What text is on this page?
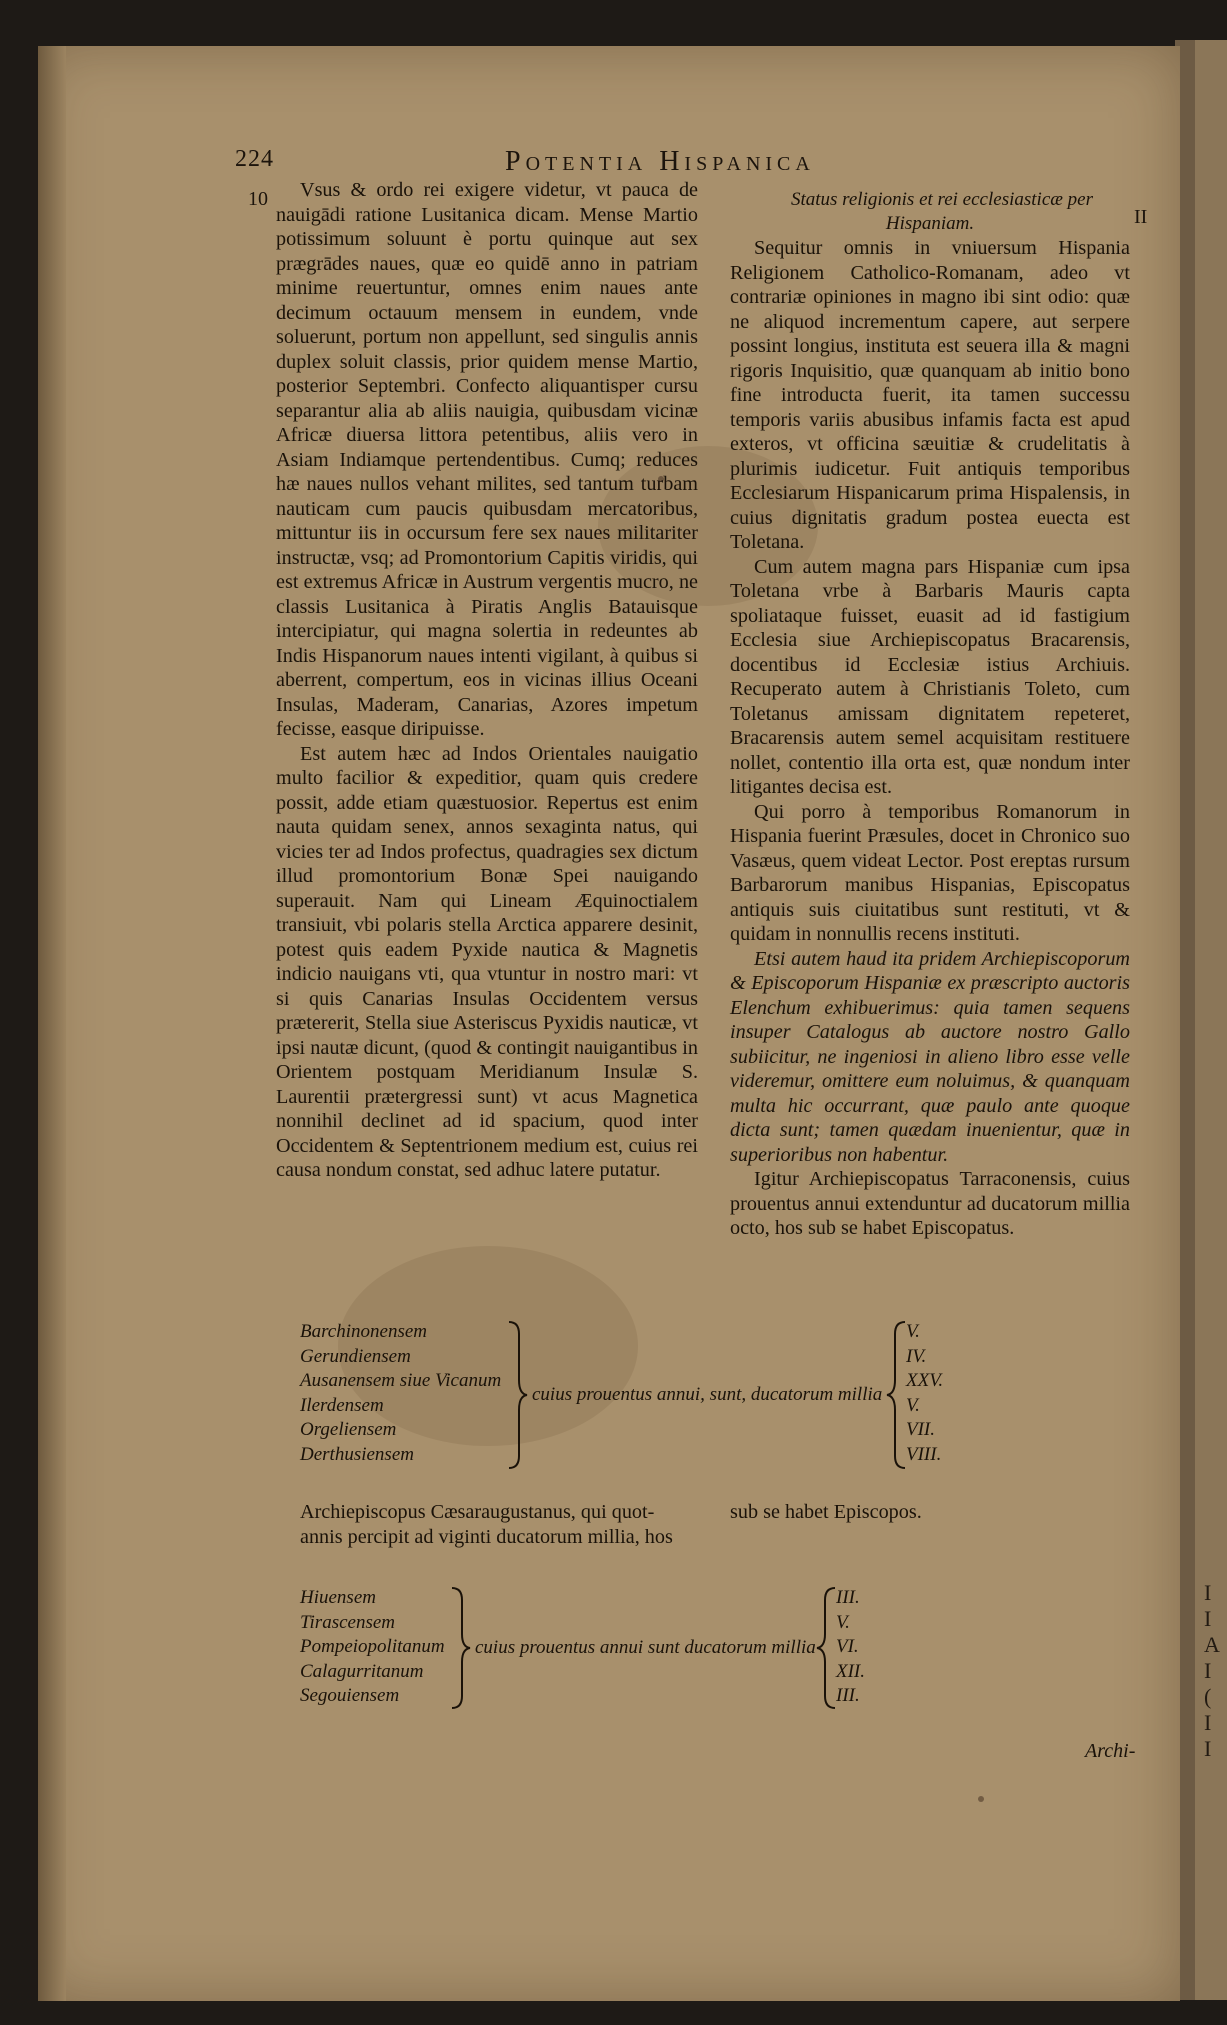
I
I
A
I
(
I
I
224	Potentia Hispanica
10
II

Vsus & ordo rei exigere videtur, vt pauca de nauigādi ratione Lusitanica dicam. Mense Martio potissimum soluunt è portu quinque aut sex prægrādes naues, quæ eo quidē anno in patriam minime reuertuntur, omnes enim naues ante decimum octauum mensem in eundem, vnde soluerunt, portum non appellunt, sed singulis annis duplex soluit classis, prior quidem mense Martio, posterior Septembri. Confecto aliquantisper cursu separantur alia ab aliis nauigia, quibusdam vicinæ Africæ diuersa littora petentibus, aliis vero in Asiam Indiamque pertendentibus. Cumq; reduces hæ naues nullos vehant milites, sed tantum turbam nauticam cum paucis quibusdam mercatoribus, mittuntur iis in occursum fere sex naues militariter instructæ, vsq; ad Promontorium Capitis viridis, qui est extremus Africæ in Austrum vergentis mucro, ne classis Lusitanica à Piratis Anglis Batauisque intercipiatur, qui magna solertia in redeuntes ab Indis Hispanorum naues intenti vigilant, à quibus si aberrent, compertum, eos in vicinas illius Oceani Insulas, Maderam, Canarias, Azores impetum fecisse, easque diripuisse.

Est autem hæc ad Indos Orientales nauigatio multo facilior & expeditior, quam quis credere possit, adde etiam quæstuosior. Repertus est enim nauta quidam senex, annos sexaginta natus, qui vicies ter ad Indos profectus, quadragies sex dictum illud promontorium Bonæ Spei nauigando superauit. Nam qui Lineam Æquinoctialem transiuit, vbi polaris stella Arctica apparere desinit, potest quis eadem Pyxide nautica & Magnetis indicio nauigans vti, qua vtuntur in nostro mari: vt si quis Canarias Insulas Occidentem versus prætererit, Stella siue Asteriscus Pyxidis nauticæ, vt ipsi nautæ dicunt, (quod & contingit nauigantibus in Orientem postquam Meridianum Insulæ S. Laurentii prætergressi sunt) vt acus Magnetica nonnihil declinet ad id spacium, quod inter Occidentem & Septentrionem medium est, cuius rei causa nondum constat, sed adhuc latere putatur.

Status religionis et rei ecclesiasticæ per Hispaniam.

Sequitur omnis in vniuersum Hispania Religionem Catholico-Romanam, adeo vt contrariæ opiniones in magno ibi sint odio: quæ ne aliquod incrementum capere, aut serpere possint longius, instituta est seuera illa & magni rigoris Inquisitio, quæ quanquam ab initio bono fine introducta fuerit, ita tamen successu temporis variis abusibus infamis facta est apud exteros, vt officina sæuitiæ & crudelitatis à plurimis iudicetur. Fuit antiquis temporibus Ecclesiarum Hispanicarum prima Hispalensis, in cuius dignitatis gradum postea euecta est Toletana.

Cum autem magna pars Hispaniæ cum ipsa Toletana vrbe à Barbaris Mauris capta spoliataque fuisset, euasit ad id fastigium Ecclesia siue Archiepiscopatus Bracarensis, docentibus id Ecclesiæ istius Archiuis. Recuperato autem à Christianis Toleto, cum Toletanus amissam dignitatem repeteret, Bracarensis autem semel acquisitam restituere nollet, contentio illa orta est, quæ nondum inter litigantes decisa est.

Qui porro à temporibus Romanorum in Hispania fuerint Præsules, docet in Chronico suo Vasæus, quem videat Lector. Post ereptas rursum Barbarorum manibus Hispanias, Episcopatus antiquis suis ciuitatibus sunt restituti, vt & quidam in nonnullis recens instituti.

Etsi autem haud ita pridem Archiepiscoporum & Episcoporum Hispaniæ ex præscripto auctoris Elenchum exhibuerimus: quia tamen sequens insuper Catalogus ab auctore nostro Gallo subiicitur, ne ingeniosi in alieno libro esse velle videremur, omittere eum noluimus, & quanquam multa hic occurrant, quæ paulo ante quoque dicta sunt; tamen quædam inuenientur, quæ in superioribus non habentur.

Igitur Archiepiscopatus Tarraconensis, cuius prouentus annui extenduntur ad ducatorum millia octo, hos sub se habet Episcopatus.

Barchinonensem
Gerundiensem
Ausanensem siue Vicanum
Ilerdensem
Orgeliensem
Derthusiensem
cuius prouentus annui, sunt, ducatorum millia
V.
IV.
XXV.
V.
VII.
VIII.
Archiepiscopus Cæsaraugustanus, qui quot-
annis percipit ad viginti ducatorum millia, hos
sub se habet Episcopos.
Hiuensem
Tirascensem
Pompeiopolitanum
Calagurritanum
Segouiensem
cuius prouentus annui sunt ducatorum millia
III.
V.
VI.
XII.
III.
Archi-
